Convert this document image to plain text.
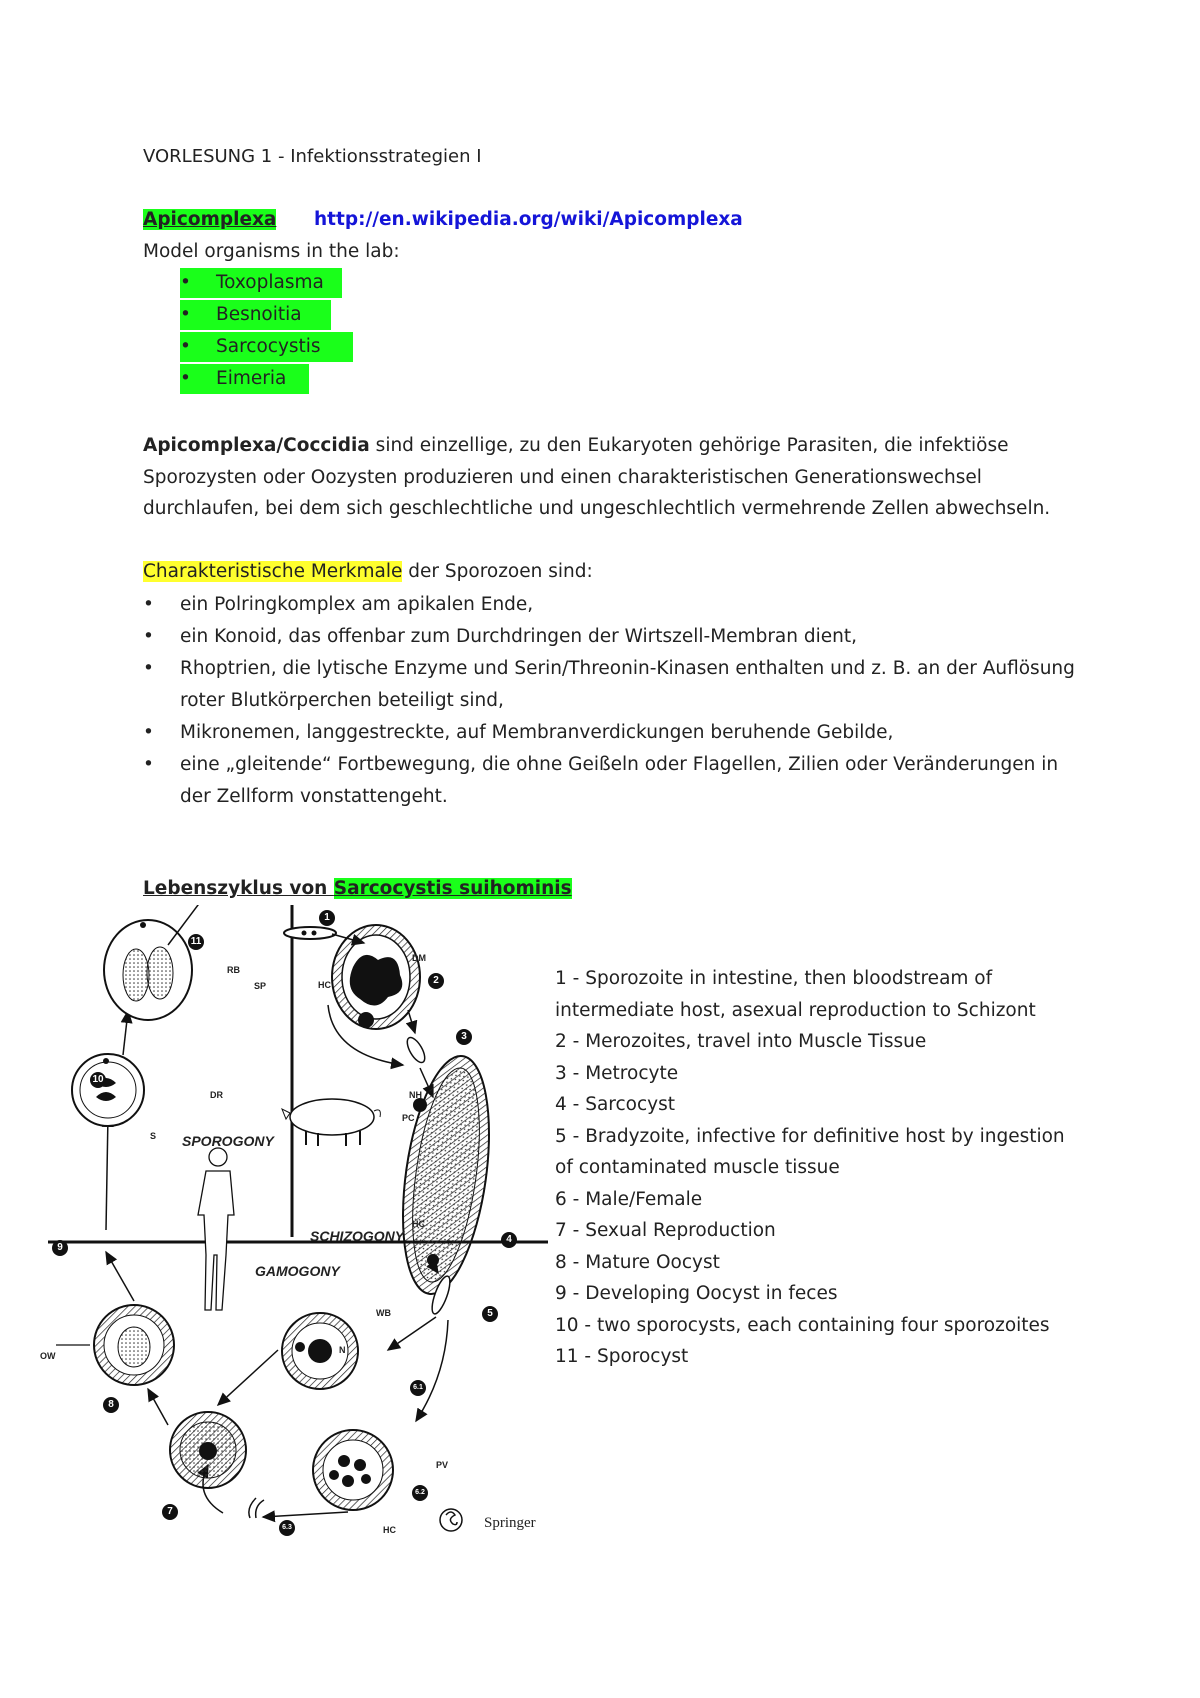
VORLESUNG 1 - Infektionsstrategien I
Apicomplexa http://en.wikipedia.org/wiki/Apicomplexa
Model organisms in the lab:
• Toxoplasma
• Besnoitia
• Sarcocystis
• Eimeria
Apicomplexa/Coccidia sind einzellige, zu den Eukaryoten gehörige Parasiten, die infektiöse Sporozysten oder Oozysten produzieren und einen charakteristischen Generationswechsel durchlaufen, bei dem sich geschlechtliche und ungeschlechtlich vermehrende Zellen abwechseln.
Charakteristische Merkmale der Sporozoen sind:
•	ein Polringkomplex am apikalen Ende,
•	ein Konoid, das offenbar zum Durchdringen der Wirtszell-Membran dient,
•	Rhoptrien, die lytische Enzyme und Serin/Threonin-Kinasen enthalten und z. B. an der Auflösung roter Blutkörperchen beteiligt sind,
•	Mikronemen, langgestreckte, auf Membranverdickungen beruhende Gebilde,
•	eine „gleitende“ Fortbewegung, die ohne Geißeln oder Flagellen, Zilien oder Veränderungen in der Zellform vonstattengeht.
Lebenszyklus von Sarcocystis suihominis
SPOROGONY
SCHIZOGONY
GAMOGONY
Springer
DM
HC
NH
PC
HC
RB
SP
DR
S
OW
WB
PV
HC
N
1
2
3
4
5
6.1
6.2
6.3
7
8
9
10
11
1 - Sporozoite in intestine, then bloodstream of intermediate host, asexual reproduction to Schizont
2 - Merozoites, travel into Muscle Tissue
3 - Metrocyte
4 - Sarcocyst
5 - Bradyzoite, infective for definitive host by ingestion of contaminated muscle tissue
6 - Male/Female
7 - Sexual Reproduction
8 - Mature Oocyst
9 - Developing Oocyst in feces
10 - two sporocysts, each containing four sporozoites
11 - Sporocyst
